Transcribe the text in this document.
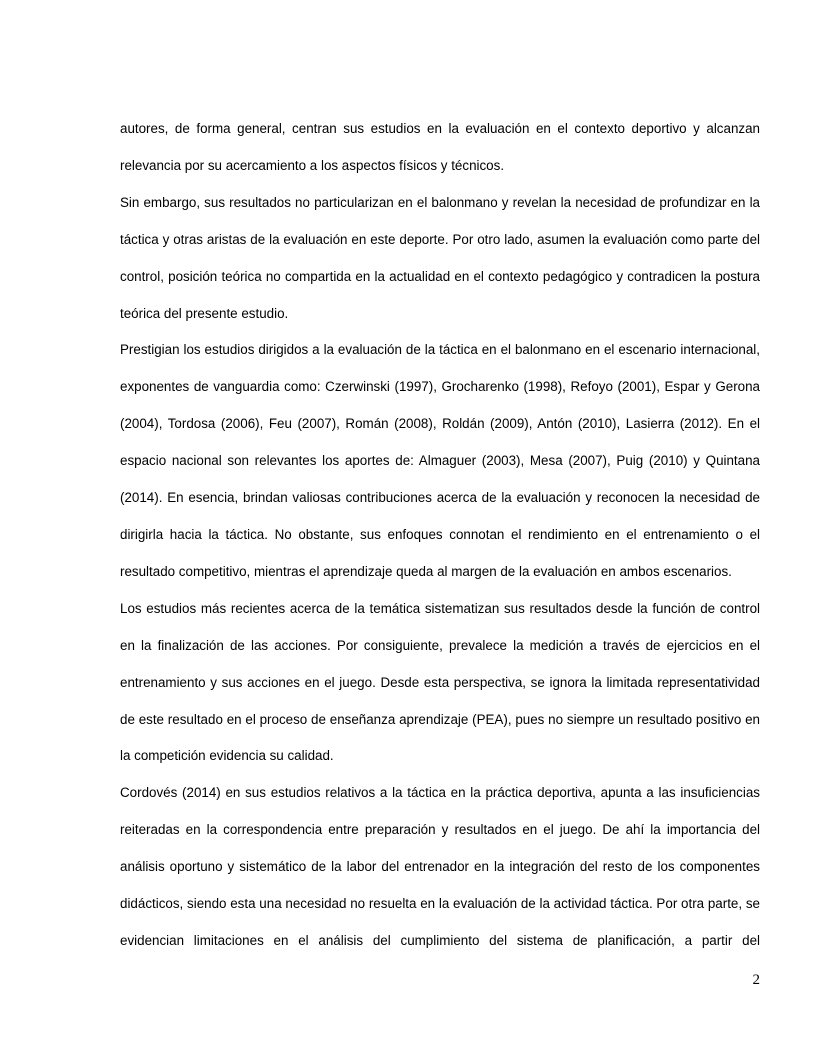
autores, de forma general, centran sus estudios en la evaluación en el contexto deportivo y alcanzan relevancia por su acercamiento a los aspectos físicos y técnicos.

Sin embargo, sus resultados no particularizan en el balonmano y revelan la necesidad de profundizar en la táctica y otras aristas de la evaluación en este deporte. Por otro lado, asumen la evaluación como parte del control, posición teórica no compartida en la actualidad en el contexto pedagógico y contradicen la postura teórica del presente estudio.

Prestigian los estudios dirigidos a la evaluación de la táctica en el balonmano en el escenario internacional, exponentes de vanguardia como: Czerwinski (1997), Grocharenko (1998), Refoyo (2001), Espar y Gerona (2004), Tordosa (2006), Feu (2007), Román (2008), Roldán (2009), Antón (2010), Lasierra (2012). En el espacio nacional son relevantes los aportes de: Almaguer (2003), Mesa (2007), Puig (2010) y Quintana (2014). En esencia, brindan valiosas contribuciones acerca de la evaluación y reconocen la necesidad de dirigirla hacia la táctica. No obstante, sus enfoques connotan el rendimiento en el entrenamiento o el resultado competitivo, mientras el aprendizaje queda al margen de la evaluación en ambos escenarios.

Los estudios más recientes acerca de la temática sistematizan sus resultados desde la función de control en la finalización de las acciones. Por consiguiente, prevalece la medición a través de ejercicios en el entrenamiento y sus acciones en el juego. Desde esta perspectiva, se ignora la limitada representatividad de este resultado en el proceso de enseñanza aprendizaje (PEA), pues no siempre un resultado positivo en la competición evidencia su calidad.

Cordovés (2014) en sus estudios relativos a la táctica en la práctica deportiva, apunta a las insuficiencias reiteradas en la correspondencia entre preparación y resultados en el juego. De ahí la importancia del análisis oportuno y sistemático de la labor del entrenador en la integración del resto de los componentes didácticos, siendo esta una necesidad no resuelta en la evaluación de la actividad táctica. Por otra parte, se evidencian limitaciones en el análisis del cumplimiento del sistema de planificación, a partir del

2
